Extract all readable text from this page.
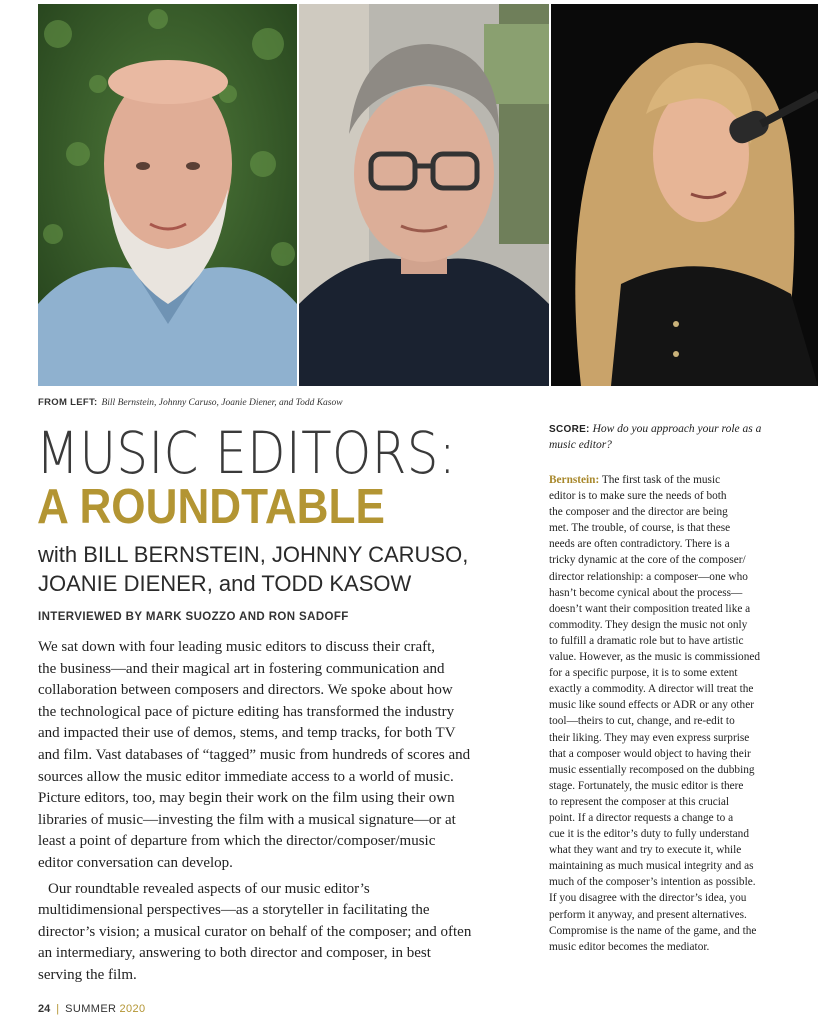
FROM LEFT: Bill Bernstein, Johnny Caruso, Joanie Diener, and Todd Kasow
MUSIC EDITORS:
A ROUNDTABLE
with BILL BERNSTEIN, JOHNNY CARUSO,
JOANIE DIENER, and TODD KASOW
INTERVIEWED BY MARK SUOZZO AND RON SADOFF
We sat down with four leading music editors to discuss their craft,
the business—and their magical art in fostering communication and
collaboration between composers and directors. We spoke about how
the technological pace of picture editing has transformed the industry
and impacted their use of demos, stems, and temp tracks, for both TV
and film. Vast databases of “tagged” music from hundreds of scores and
sources allow the music editor immediate access to a world of music.
Picture editors, too, may begin their work on the film using their own
libraries of music—investing the film with a musical signature—or at
least a point of departure from which the director/composer/music
editor conversation can develop.
Our roundtable revealed aspects of our music editor’s
multidimensional perspectives—as a storyteller in facilitating the
director’s vision; a musical curator on behalf of the composer; and often
an intermediary, answering to both director and composer, in best
serving the film.
SCORE: How do you approach your role as a
music editor?
Bernstein: The first task of the music
editor is to make sure the needs of both
the composer and the director are being
met. The trouble, of course, is that these
needs are often contradictory. There is a
tricky dynamic at the core of the composer/
director relationship: a composer—one who
hasn’t become cynical about the process—
doesn’t want their composition treated like a
commodity. They design the music not only
to fulfill a dramatic role but to have artistic
value. However, as the music is commissioned
for a specific purpose, it is to some extent
exactly a commodity. A director will treat the
music like sound effects or ADR or any other
tool—theirs to cut, change, and re-edit to
their liking. They may even express surprise
that a composer would object to having their
music essentially recomposed on the dubbing
stage. Fortunately, the music editor is there
to represent the composer at this crucial
point. If a director requests a change to a
cue it is the editor’s duty to fully understand
what they want and try to execute it, while
maintaining as much musical integrity and as
much of the composer’s intention as possible.
If you disagree with the director’s idea, you
perform it anyway, and present alternatives.
Compromise is the name of the game, and the
music editor becomes the mediator.
24 | SUMMER 2020
